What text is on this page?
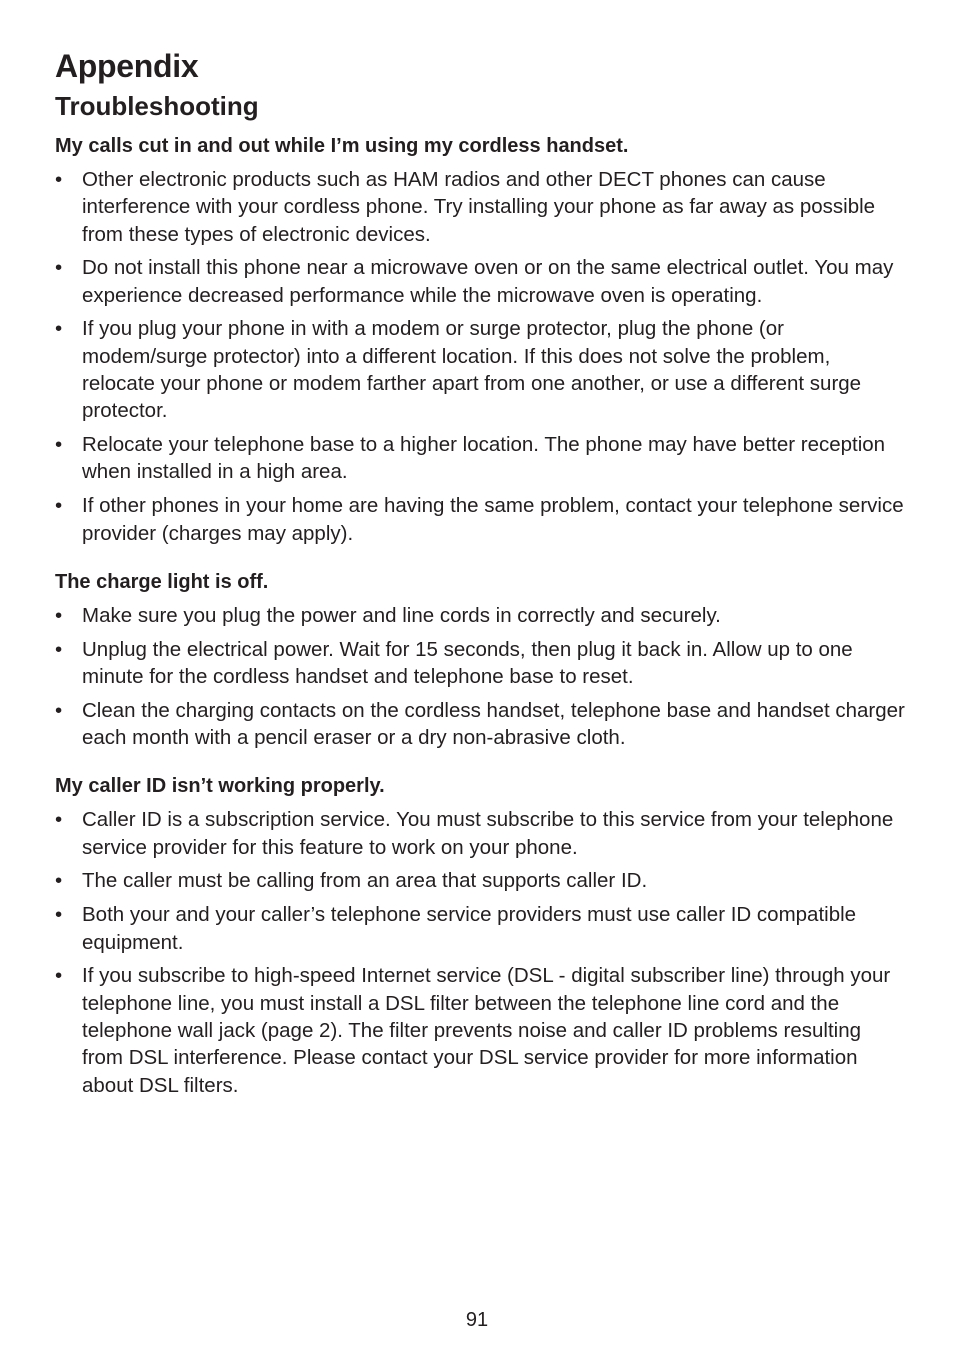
Appendix
Troubleshooting
My calls cut in and out while I’m using my cordless handset.
• Other electronic products such as HAM radios and other DECT phones can cause interference with your cordless phone. Try installing your phone as far away as possible from these types of electronic devices.
• Do not install this phone near a microwave oven or on the same electrical outlet. You may experience decreased performance while the microwave oven is operating.
• If you plug your phone in with a modem or surge protector, plug the phone (or modem/surge protector) into a different location. If this does not solve the problem, relocate your phone or modem farther apart from one another, or use a different surge protector.
• Relocate your telephone base to a higher location. The phone may have better reception when installed in a high area.
• If other phones in your home are having the same problem, contact your telephone service provider (charges may apply).
The charge light is off.
• Make sure you plug the power and line cords in correctly and securely.
• Unplug the electrical power. Wait for 15 seconds, then plug it back in. Allow up to one minute for the cordless handset and telephone base to reset.
• Clean the charging contacts on the cordless handset, telephone base and handset charger each month with a pencil eraser or a dry non-abrasive cloth.
My caller ID isn’t working properly.
• Caller ID is a subscription service. You must subscribe to this service from your telephone service provider for this feature to work on your phone.
• The caller must be calling from an area that supports caller ID.
• Both your and your caller’s telephone service providers must use caller ID compatible equipment.
• If you subscribe to high-speed Internet service (DSL - digital subscriber line) through your telephone line, you must install a DSL filter between the telephone line cord and the telephone wall jack (page 2). The filter prevents noise and caller ID problems resulting from DSL interference. Please contact your DSL service provider for more information about DSL filters.
91
